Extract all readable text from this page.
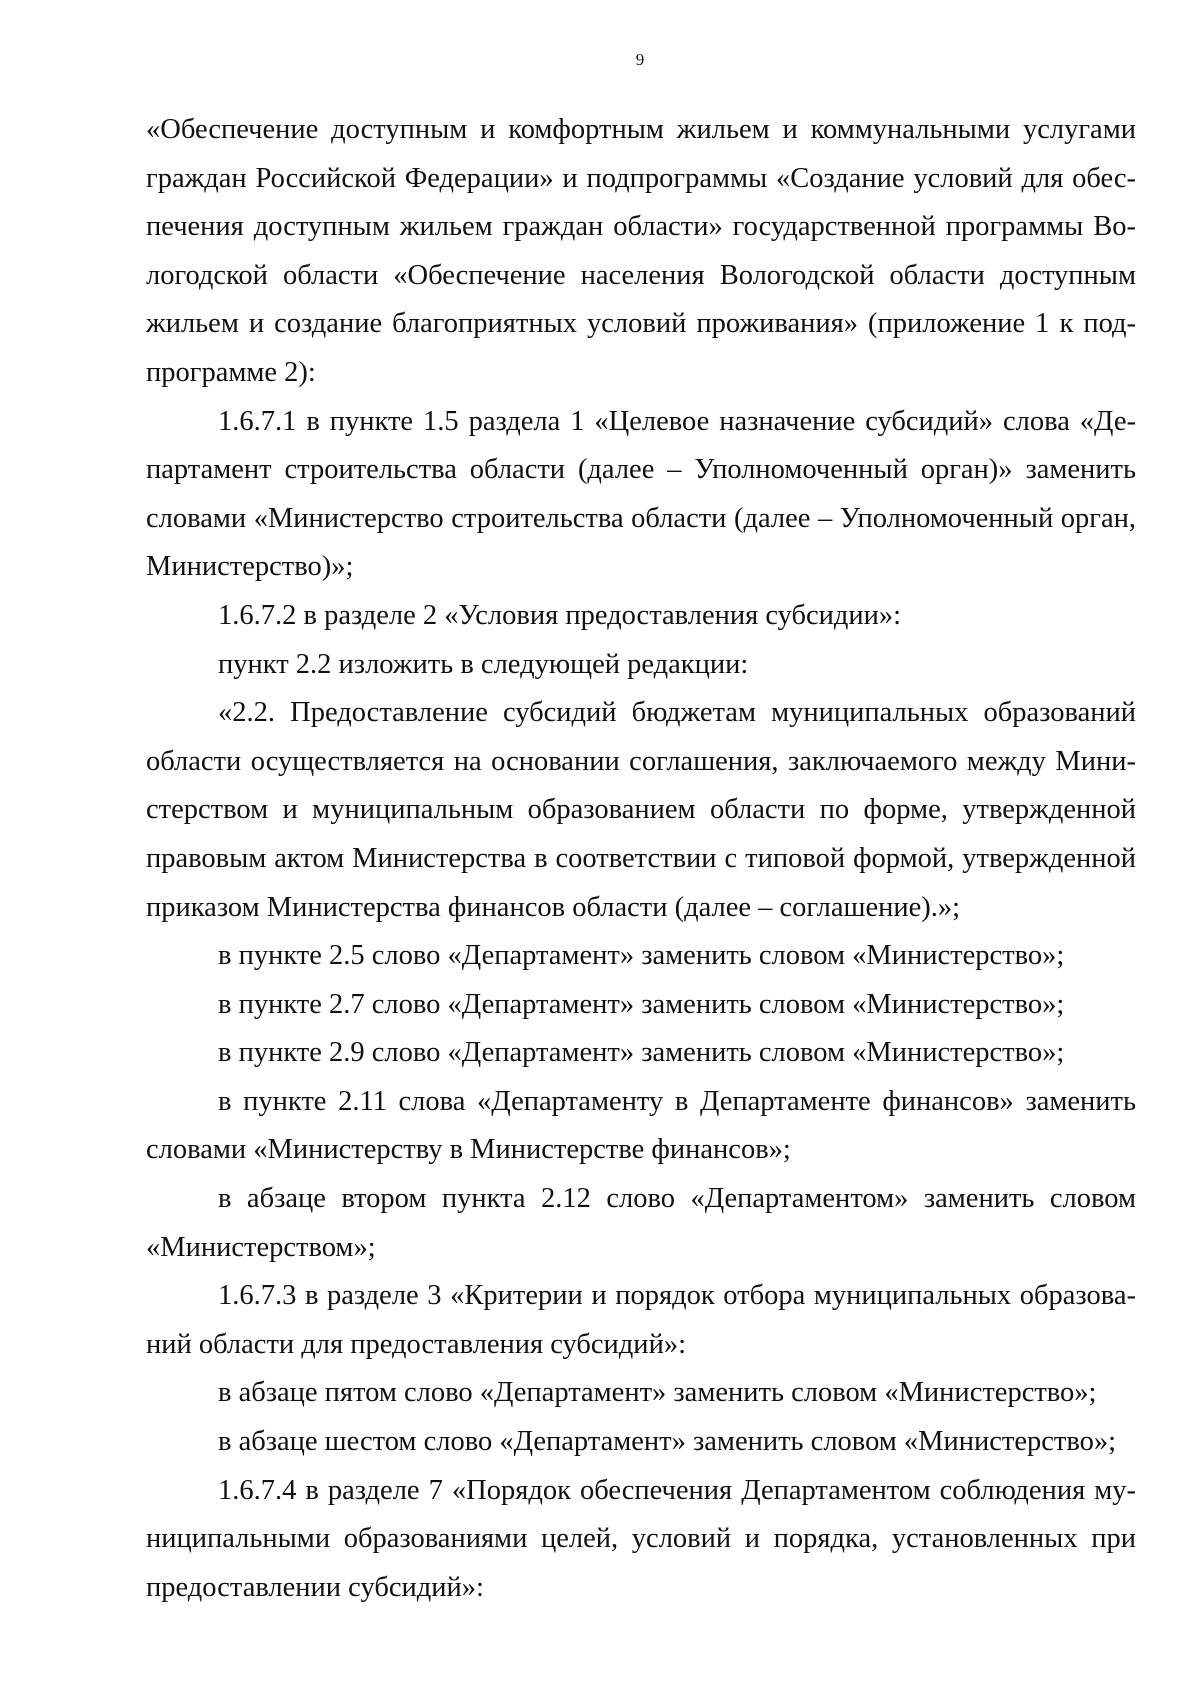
9
«Обеспечение доступным и комфортным жильем и коммунальными услугами
граждан Российской Федерации» и подпрограммы «Создание условий для обес-
печения доступным жильем граждан области» государственной программы Во-
логодской области «Обеспечение населения Вологодской области доступным
жильем и создание благоприятных условий проживания» (приложение 1 к под-
программе 2):
1.6.7.1 в пункте 1.5 раздела 1 «Целевое назначение субсидий» слова «Де-
партамент строительства области (далее – Уполномоченный орган)» заменить
словами «Министерство строительства области (далее – Уполномоченный орган,
Министерство)»;
1.6.7.2 в разделе 2 «Условия предоставления субсидии»:
пункт 2.2 изложить в следующей редакции:
«2.2. Предоставление субсидий бюджетам муниципальных образований
области осуществляется на основании соглашения, заключаемого между Мини-
стерством и муниципальным образованием области по форме, утвержденной
правовым актом Министерства в соответствии с типовой формой, утвержденной
приказом Министерства финансов области (далее – соглашение).»;
в пункте 2.5 слово «Департамент» заменить словом «Министерство»;
в пункте 2.7 слово «Департамент» заменить словом «Министерство»;
в пункте 2.9 слово «Департамент» заменить словом «Министерство»;
в пункте 2.11 слова «Департаменту в Департаменте финансов» заменить
словами «Министерству в Министерстве финансов»;
в абзаце втором пункта 2.12 слово «Департаментом» заменить словом
«Министерством»;
1.6.7.3 в разделе 3 «Критерии и порядок отбора муниципальных образова-
ний области для предоставления субсидий»:
в абзаце пятом слово «Департамент» заменить словом «Министерство»;
в абзаце шестом слово «Департамент» заменить словом «Министерство»;
1.6.7.4 в разделе 7 «Порядок обеспечения Департаментом соблюдения му-
ниципальными образованиями целей, условий и порядка, установленных при
предоставлении субсидий»:
